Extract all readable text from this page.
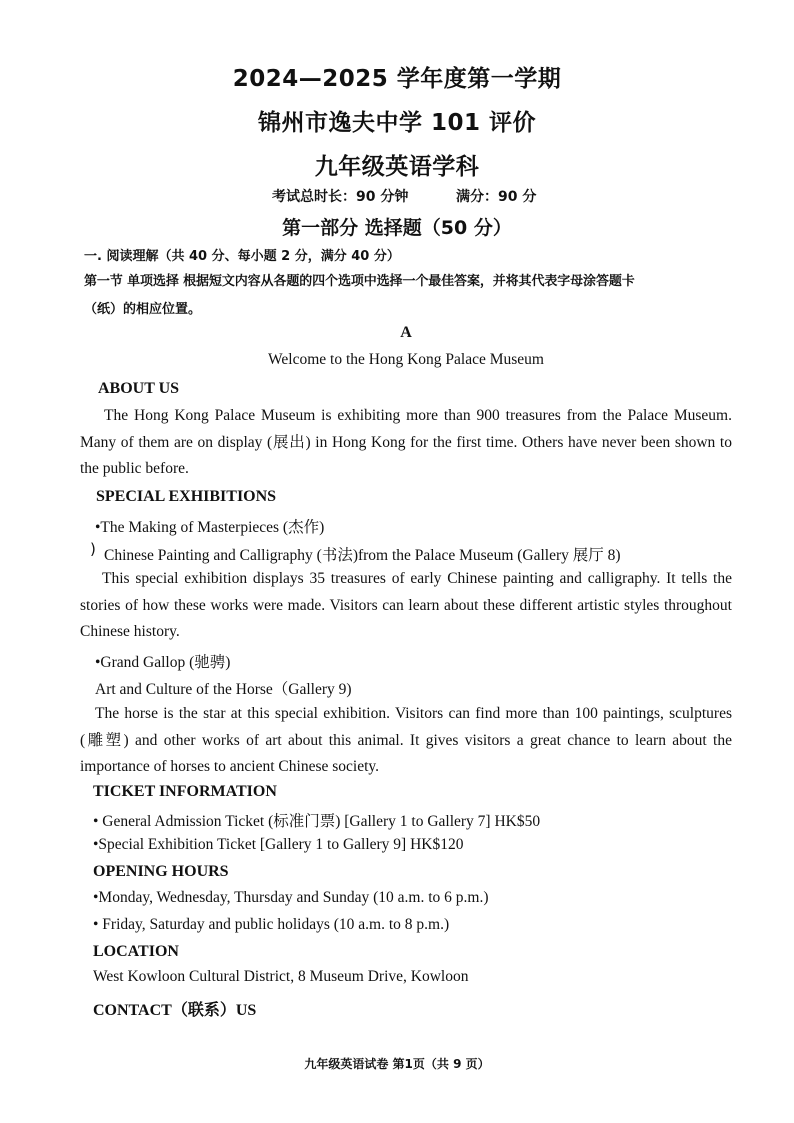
2024—2025 学年度第一学期
锦州市逸夫中学 101 评价
九年级英语学科
考试总时长：90 分钟	满分：90 分
第一部分 选择题（50 分）
一. 阅读理解（共 40 分、每小题 2 分，满分 40 分）
第一节 单项选择 根据短文内容从各题的四个选项中选择一个最佳答案，并将其代表字母涂答题卡
（纸）的相应位置。
A
Welcome to the Hong Kong Palace Museum
ABOUT US
The Hong Kong Palace Museum is exhibiting more than 900 treasures from the Palace Museum. Many of them are on display (展出) in Hong Kong for the first time. Others have never been shown to the public before.
SPECIAL EXHIBITIONS
•The Making of Masterpieces (杰作)
) Chinese Painting and Calligraphy (书法)from the Palace Museum (Gallery 展厅 8)
This special exhibition displays 35 treasures of early Chinese painting and calligraphy. It tells the stories of how these works were made. Visitors can learn about these different artistic styles throughout Chinese history.
•Grand Gallop (驰骋)
Art and Culture of the Horse（Gallery 9)
The horse is the star at this special exhibition. Visitors can find more than 100 paintings, sculptures (雕塑) and other works of art about this animal. It gives visitors a great chance to learn about the importance of horses to ancient Chinese society.
TICKET INFORMATION
• General Admission Ticket (标准门票) [Gallery 1 to Gallery 7] HK$50
•Special Exhibition Ticket [Gallery 1 to Gallery 9] HK$120
OPENING HOURS
•Monday, Wednesday, Thursday and Sunday (10 a.m. to 6 p.m.)
• Friday, Saturday and public holidays (10 a.m. to 8 p.m.)
LOCATION
West Kowloon Cultural District, 8 Museum Drive, Kowloon
CONTACT（联系）US
九年级英语试卷 第1页（共 9 页）
